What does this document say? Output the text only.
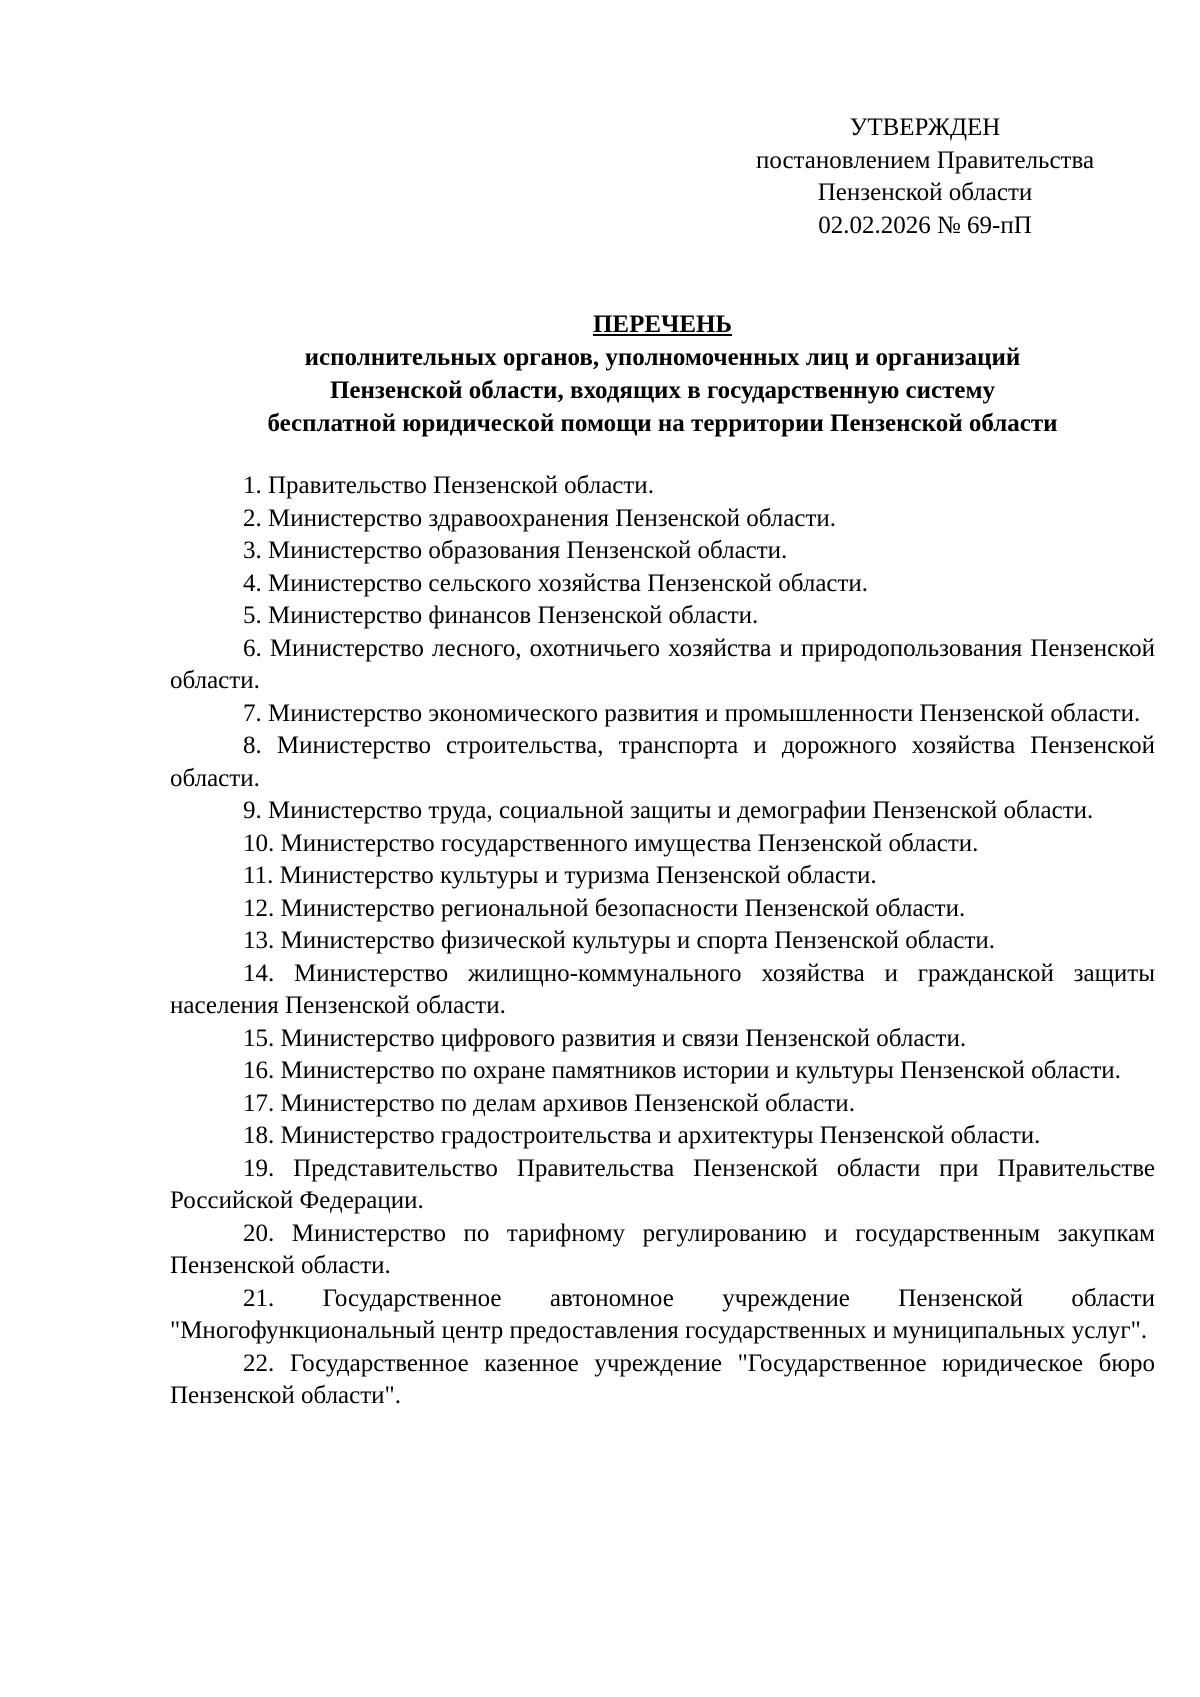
УТВЕРЖДЕН
постановлением Правительства
Пензенской области
02.02.2026 № 69-пП
ПЕРЕЧЕНЬ
исполнительных органов, уполномоченных лиц и организаций
Пензенской области, входящих в государственную систему
бесплатной юридической помощи на территории Пензенской области
1. Правительство Пензенской области.
2. Министерство здравоохранения Пензенской области.
3. Министерство образования Пензенской области.
4. Министерство сельского хозяйства Пензенской области.
5. Министерство финансов Пензенской области.
6. Министерство лесного, охотничьего хозяйства и природопользования Пензенской области.
7. Министерство экономического развития и промышленности Пензенской области.
8. Министерство строительства, транспорта и дорожного хозяйства Пензенской области.
9. Министерство труда, социальной защиты и демографии Пензенской области.
10. Министерство государственного имущества Пензенской области.
11. Министерство культуры и туризма Пензенской области.
12. Министерство региональной безопасности Пензенской области.
13. Министерство физической культуры и спорта Пензенской области.
14. Министерство жилищно-коммунального хозяйства и гражданской защиты населения Пензенской области.
15. Министерство цифрового развития и связи Пензенской области.
16. Министерство по охране памятников истории и культуры Пензенской области.
17. Министерство по делам архивов Пензенской области.
18. Министерство градостроительства и архитектуры Пензенской области.
19. Представительство Правительства Пензенской области при Правительстве Российской Федерации.
20. Министерство по тарифному регулированию и государственным закупкам Пензенской области.
21. Государственное автономное учреждение Пензенской области "Многофункциональный центр предоставления государственных и муниципальных услуг".
22. Государственное казенное учреждение "Государственное юридическое бюро Пензенской области".
